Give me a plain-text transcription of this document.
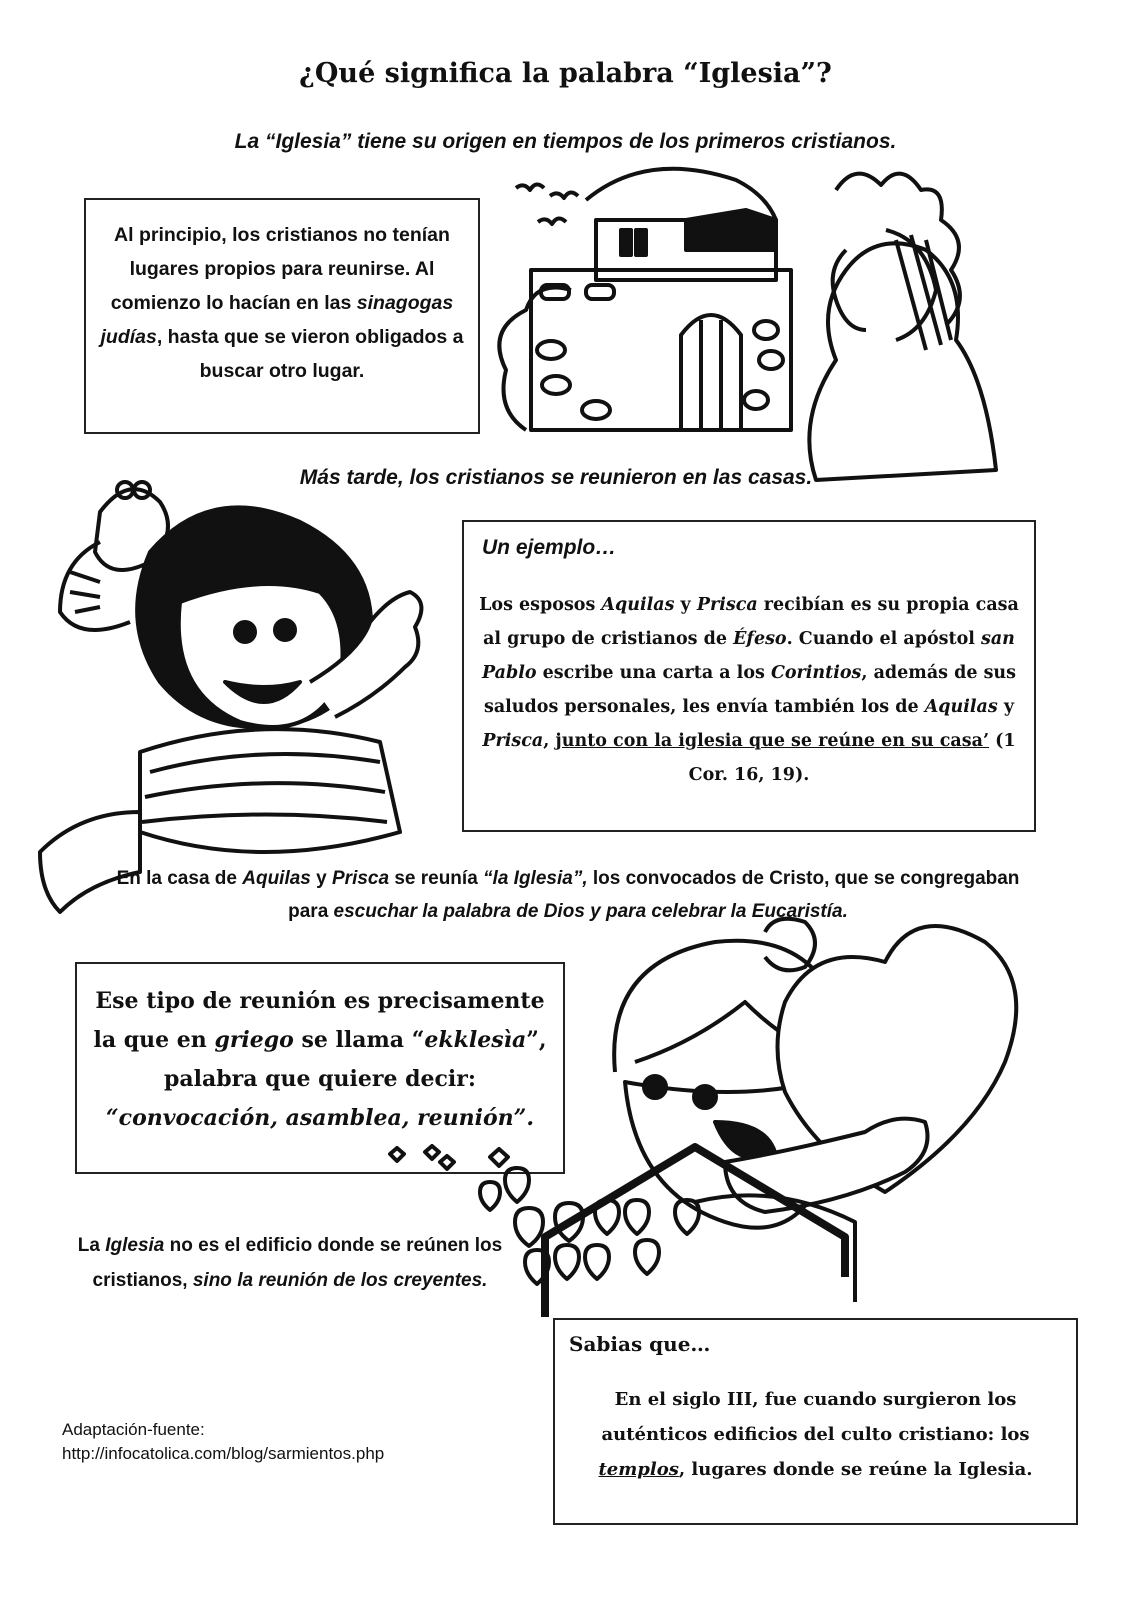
¿Qué significa la palabra “Iglesia”?
La “Iglesia” tiene su origen en tiempos de los primeros cristianos.
Al principio, los cristianos no tenían lugares propios para reunirse. Al comienzo lo hacían en las sinagogas judías, hasta que se vieron obligados a buscar otro lugar.
Más tarde, los cristianos se reunieron en las casas.
Un ejemplo…
Los esposos Aquilas y Prisca recibían es su propia casa al grupo de cristianos de Éfeso. Cuando el apóstol san Pablo escribe una carta a los Corintios, además de sus saludos personales, les envía también los de Aquilas y Prisca, junto con la iglesia que se reúne en su casa’ (1 Cor. 16, 19).
En la casa de Aquilas y Prisca se reunía “la Iglesia”, los convocados de Cristo, que se congregaban para escuchar la palabra de Dios y para celebrar la Eucaristía.
Ese tipo de reunión es precisamente la que en griego se llama “ekklesìa”, palabra que quiere decir: “convocación, asamblea, reunión”.
La Iglesia no es el edificio donde se reúnen los cristianos, sino la reunión de los creyentes.
Adaptación-fuente:
http://infocatolica.com/blog/sarmientos.php
Sabias que…
En el siglo III, fue cuando surgieron los auténticos edificios del culto cristiano: los templos, lugares donde se reúne la Iglesia.
